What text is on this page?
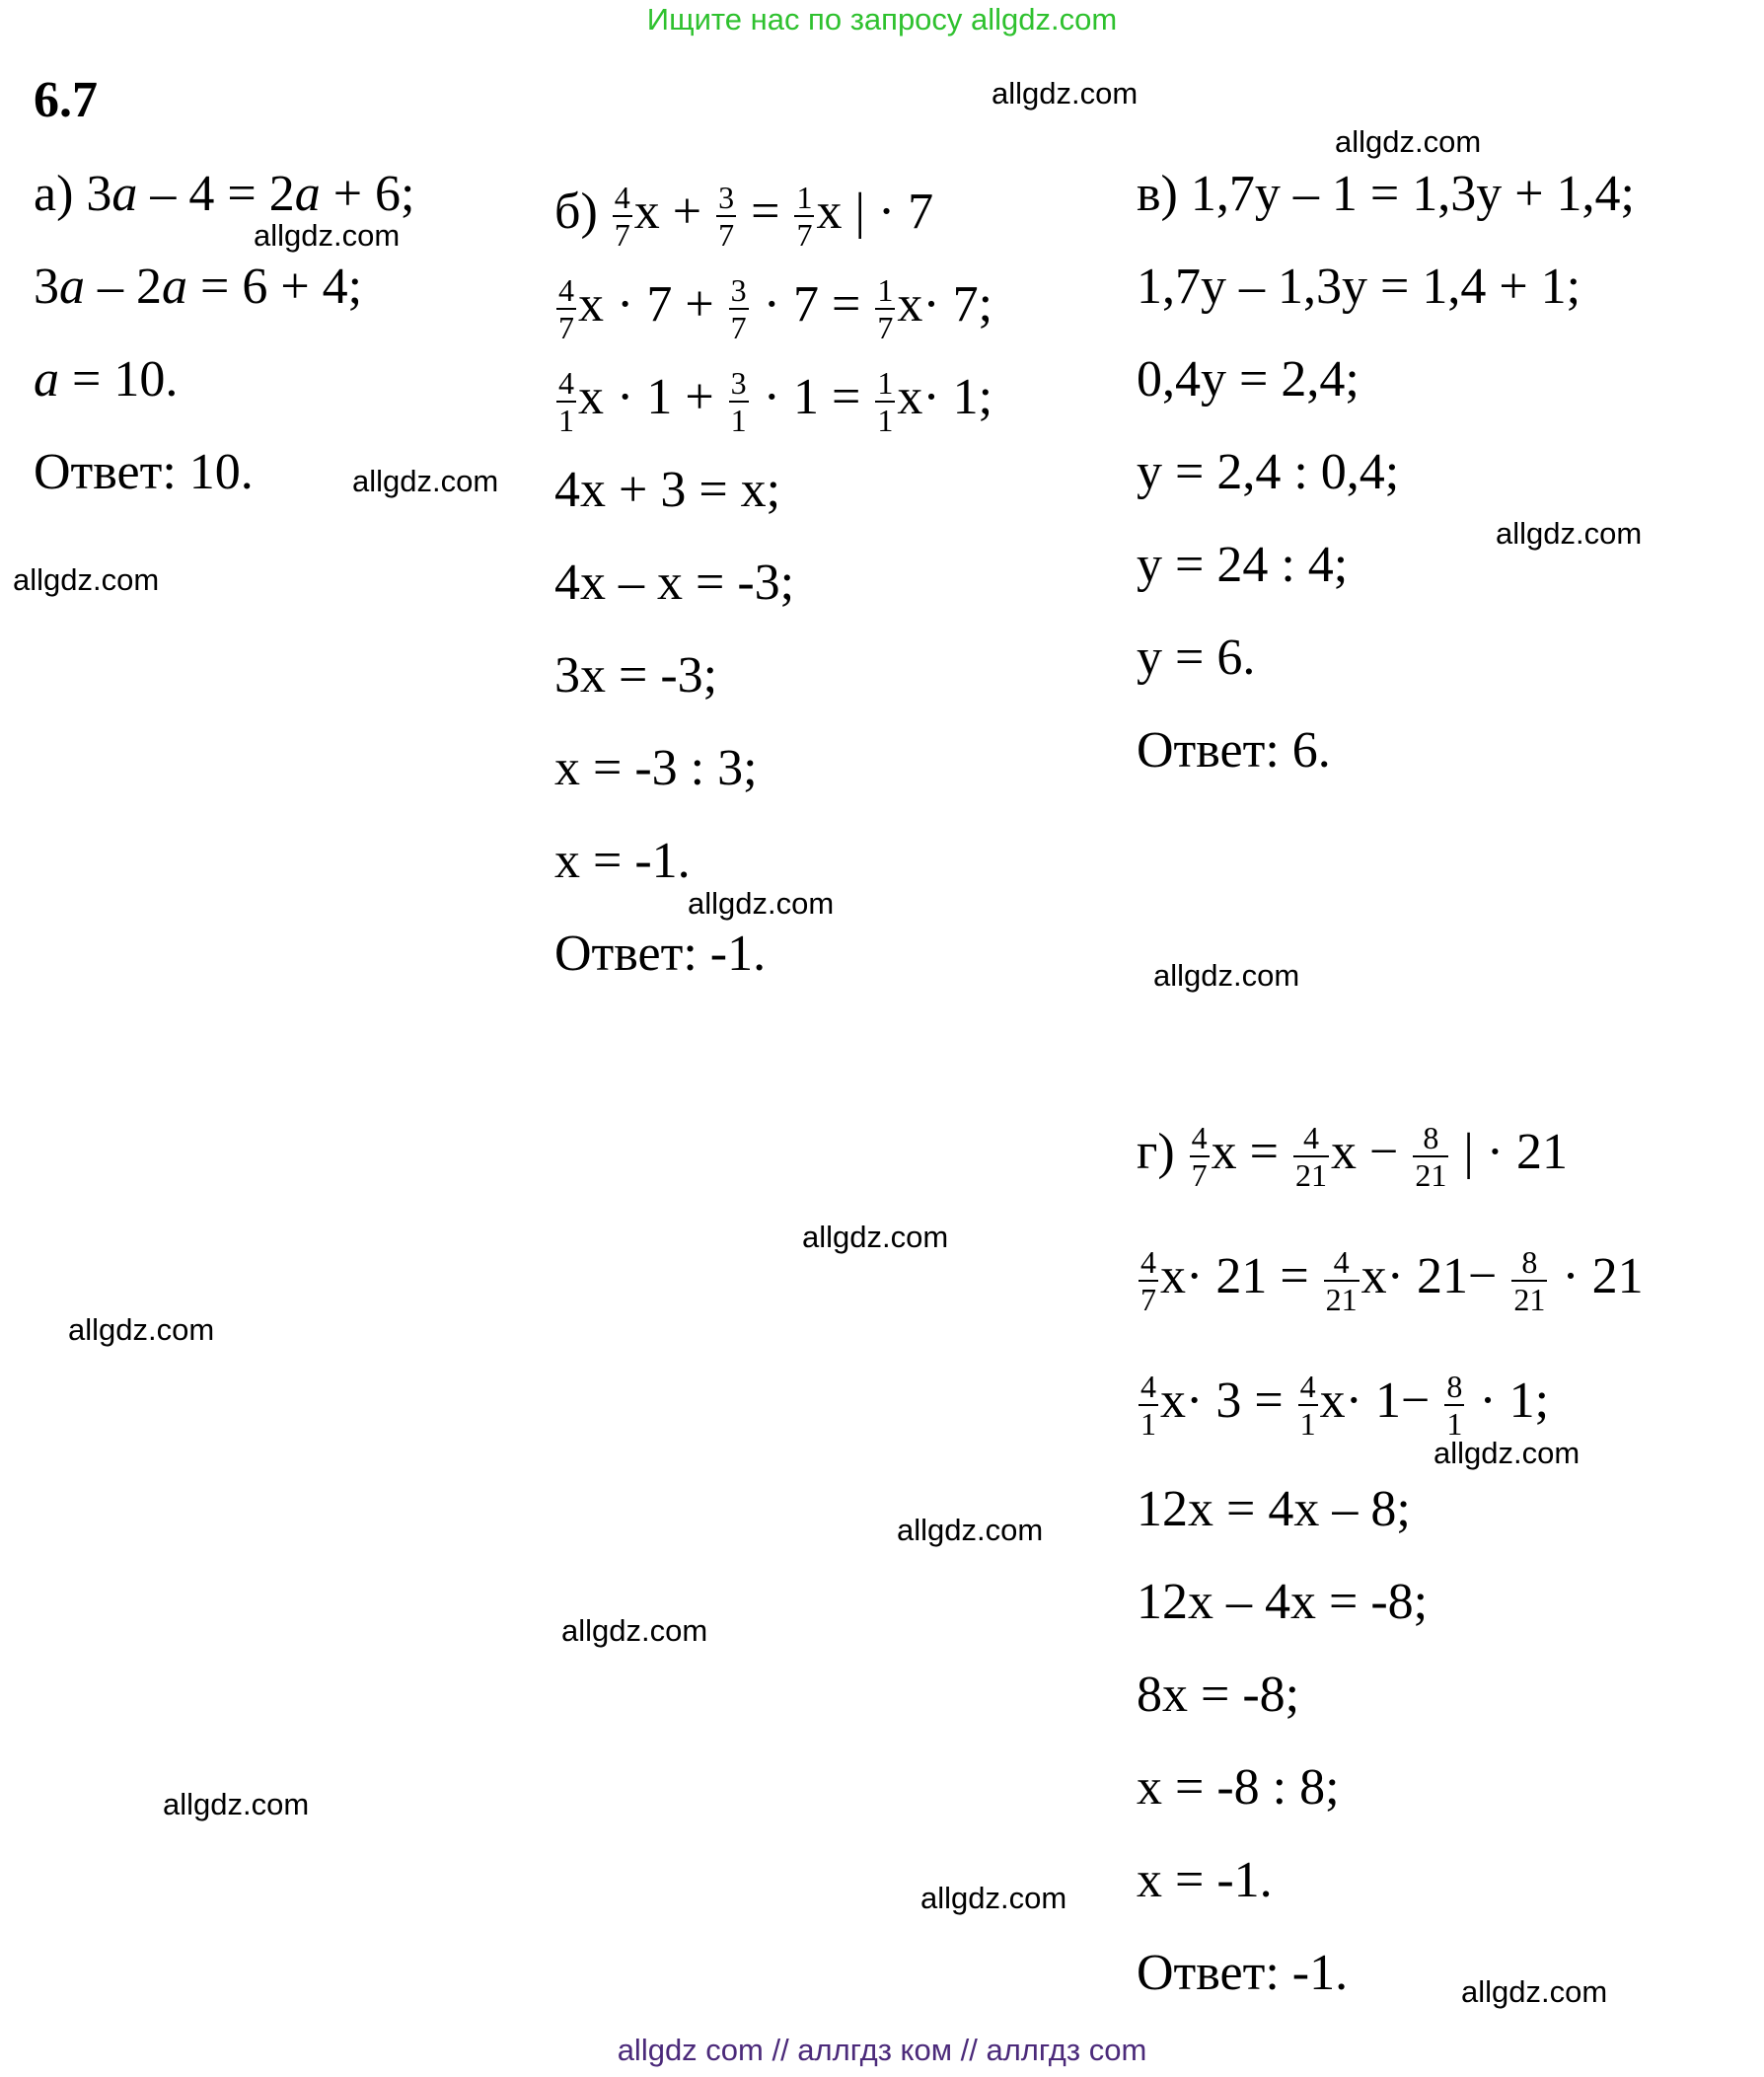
Ищите нас по запросу allgdz.com
6.7
а) 3a – 4 = 2a + 6;
3a – 2a = 6 + 4;
a = 10.
Ответ: 10.
$б) \frac{4}{7}$ $x + \frac{3}{7} = \frac{1}{7}$ x | · 7
$\frac{4}{7}$ $x \cdot 7 + \frac{3}{7} \cdot 7 = \frac{1}{7} x\cdot 7$;
$\frac{4}{1}$ $x \cdot 1 + \frac{3}{1} \cdot 1 = \frac{1}{1} x\cdot 1$;
4x + 3 = x;
4x – x = -3;
3x = -3;
x = -3 : 3;
x = -1.
Ответ: -1.
в) 1,7y – 1 = 1,3y + 1,4;
1,7y – 1,3y = 1,4 + 1;
0,4y = 2,4;
y = 2,4 : 0,4;
y = 24 : 4;
y = 6.
Ответ: 6.
$г) \frac{4}{7}$ $x = \frac{4}{21}$ $x - \frac{8}{21}$ | · 21
$\frac{4}{7} x\cdot 21 = \frac{4}{21} x\cdot 21- \frac{8}{21} \cdot 21$
$\frac{4}{1} x\cdot 3 = \frac{4}{1} x\cdot 1- \frac{8}{1} \cdot 1$;
12x = 4x – 8;
12x – 4x = -8;
8x = -8;
x = -8 : 8;
x = -1.
Ответ: -1.
allgdz.com
allgdz.com
allgdz.com
allgdz.com
allgdz.com
allgdz.com
allgdz.com
allgdz.com
allgdz.com
allgdz.com
allgdz.com
allgdz.com
allgdz.com
allgdz.com
allgdz.com
allgdz.com
allgdz com // аллгдз ком // аллгдз com
